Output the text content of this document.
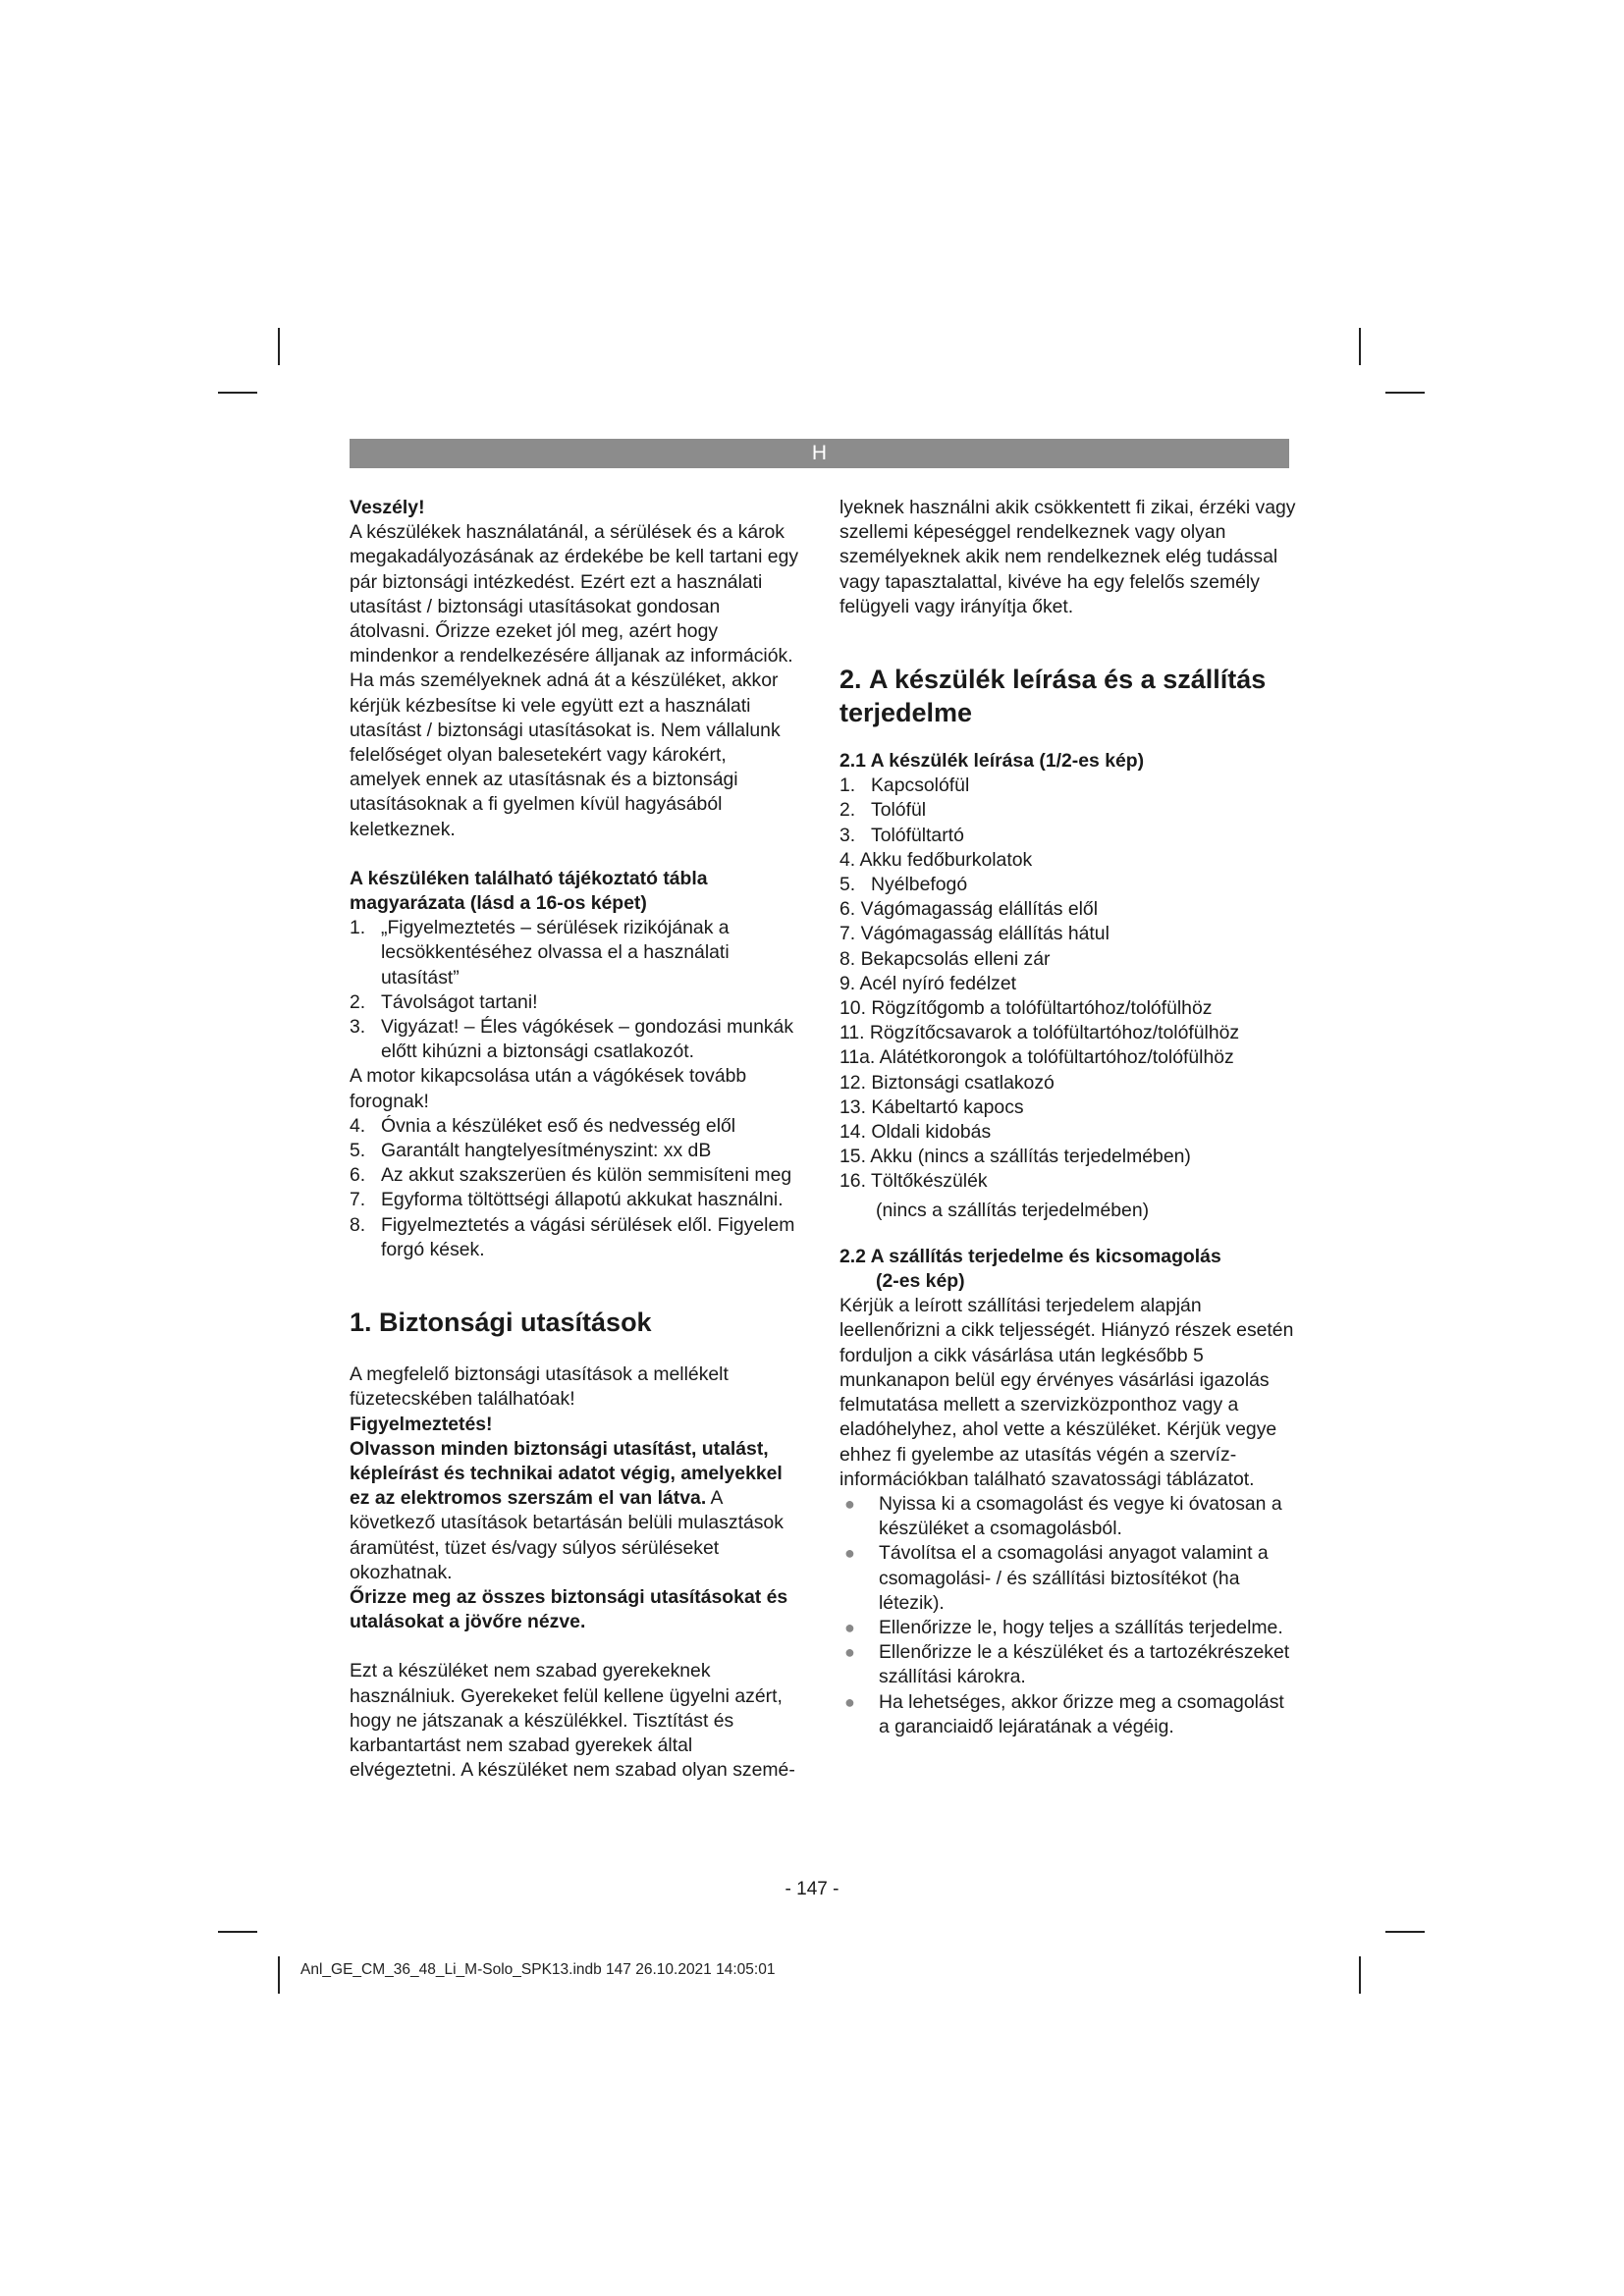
H

Veszély!

A készülékek használatánál, a sérülések és a károk megakadályozásának az érdekébe be kell tartani egy pár biztonsági intézkedést. Ezért ezt a használati utasítást / biztonsági utasításokat gondosan átolvasni. Őrizze ezeket jól meg, azért hogy mindenkor a rendelkezésére álljanak az információk. Ha más személyeknek adná át a készüléket, akkor kérjük kézbesítse ki vele együtt ezt a használati utasítást / biztonsági utasításokat is. Nem vállalunk felelőséget olyan balesetekért vagy károkért, amelyek ennek az utasításnak és a biztonsági utasításoknak a fi gyelmen kívül hagyásából keletkeznek.

A készüléken található tájékoztató tábla magyarázata (lásd a 16-os képet)

1. „Figyelmeztetés – sérülések rizikójának a lecsökkentéséhez olvassa el a használati utasítást”
2. Távolságot tartani!
3. Vigyázat! – Éles vágókések – gondozási munkák előtt kihúzni a biztonsági csatlakozót.

A motor kikapcsolása után a vágókések tovább forognak!

4. Óvnia a készüléket eső és nedvesség elől
5. Garantált hangtelyesítményszint: xx dB
6. Az akkut szakszerüen és külön semmisíteni meg
7. Egyforma töltöttségi állapotú akkukat használni.
8. Figyelmeztetés a vágási sérülések elől. Figyelem forgó kések.

1. Biztonsági utasítások

A megfelelő biztonsági utasítások a mellékelt füzetecskében találhatóak!

Figyelmeztetés!

Olvasson minden biztonsági utasítást, utalást, képleírást és technikai adatot végig, amelyekkel ez az elektromos szerszám el van látva. A következő utasítások betartásán belüli mulasztások áramütést, tüzet és/vagy súlyos sérüléseket okozhatnak.

Őrizze meg az összes biztonsági utasításokat és utalásokat a jövőre nézve.

Ezt a készüléket nem szabad gyerekeknek használniuk. Gyerekeket felül kellene ügyelni azért, hogy ne játszanak a készülékkel. Tisztítást és karbantartást nem szabad gyerekek által elvégeztetni. A készüléket nem szabad olyan szemé-

lyeknek használni akik csökkentett fi zikai, érzéki vagy szellemi képeséggel rendelkeznek vagy olyan személyeknek akik nem rendelkeznek elég tudással vagy tapasztalattal, kivéve ha egy felelős személy felügyeli vagy irányítja őket.

2. A készülék leírása és a szállítás terjedelme

2.1 A készülék leírása (1/2-es kép)

1. Kapcsolófül
2. Tolófül
3. Tolófültartó
4. Akku fedőburkolatok
5. Nyélbefogó
6. Vágómagasság elállítás elől
7. Vágómagasság elállítás hátul
8. Bekapcsolás elleni zár
9. Acél nyíró fedélzet
10. Rögzítőgomb a tolófültartóhoz/tolófülhöz
11. Rögzítőcsavarok a tolófültartóhoz/tolófülhöz
11a. Alátétkorongok a tolófültartóhoz/tolófülhöz
12. Biztonsági csatlakozó
13. Kábeltartó kapocs
14. Oldali kidobás
15. Akku (nincs a szállítás terjedelmében)
16. Töltőkészülék

(nincs a szállítás terjedelmében)

2.2 A szállítás terjedelme és kicsomagolás

(2-es kép)

Kérjük a leírott szállítási terjedelem alapján leellenőrizni a cikk teljességét. Hiányzó részek esetén forduljon a cikk vásárlása után legkésőbb 5 munkanapon belül egy érvényes vásárlási igazolás felmutatása mellett a szervizközponthoz vagy a eladóhelyhez, ahol vette a készüléket. Kérjük vegye ehhez fi gyelembe az utasítás végén a szervíz-információkban található szavatossági táblázatot.

● Nyissa ki a csomagolást és vegye ki óvatosan a készüléket a csomagolásból.
● Távolítsa el a csomagolási anyagot valamint a csomagolási- / és szállítási biztosítékot (ha létezik).
● Ellenőrizze le, hogy teljes a szállítás terjedelme.
● Ellenőrizze le a készüléket és a tartozékrészeket szállítási károkra.
● Ha lehetséges, akkor őrizze meg a csomagolást a garanciaidő lejáratának a végéig.
- 147 -
Anl_GE_CM_36_48_Li_M-Solo_SPK13.indb 147 26.10.2021 14:05:01
